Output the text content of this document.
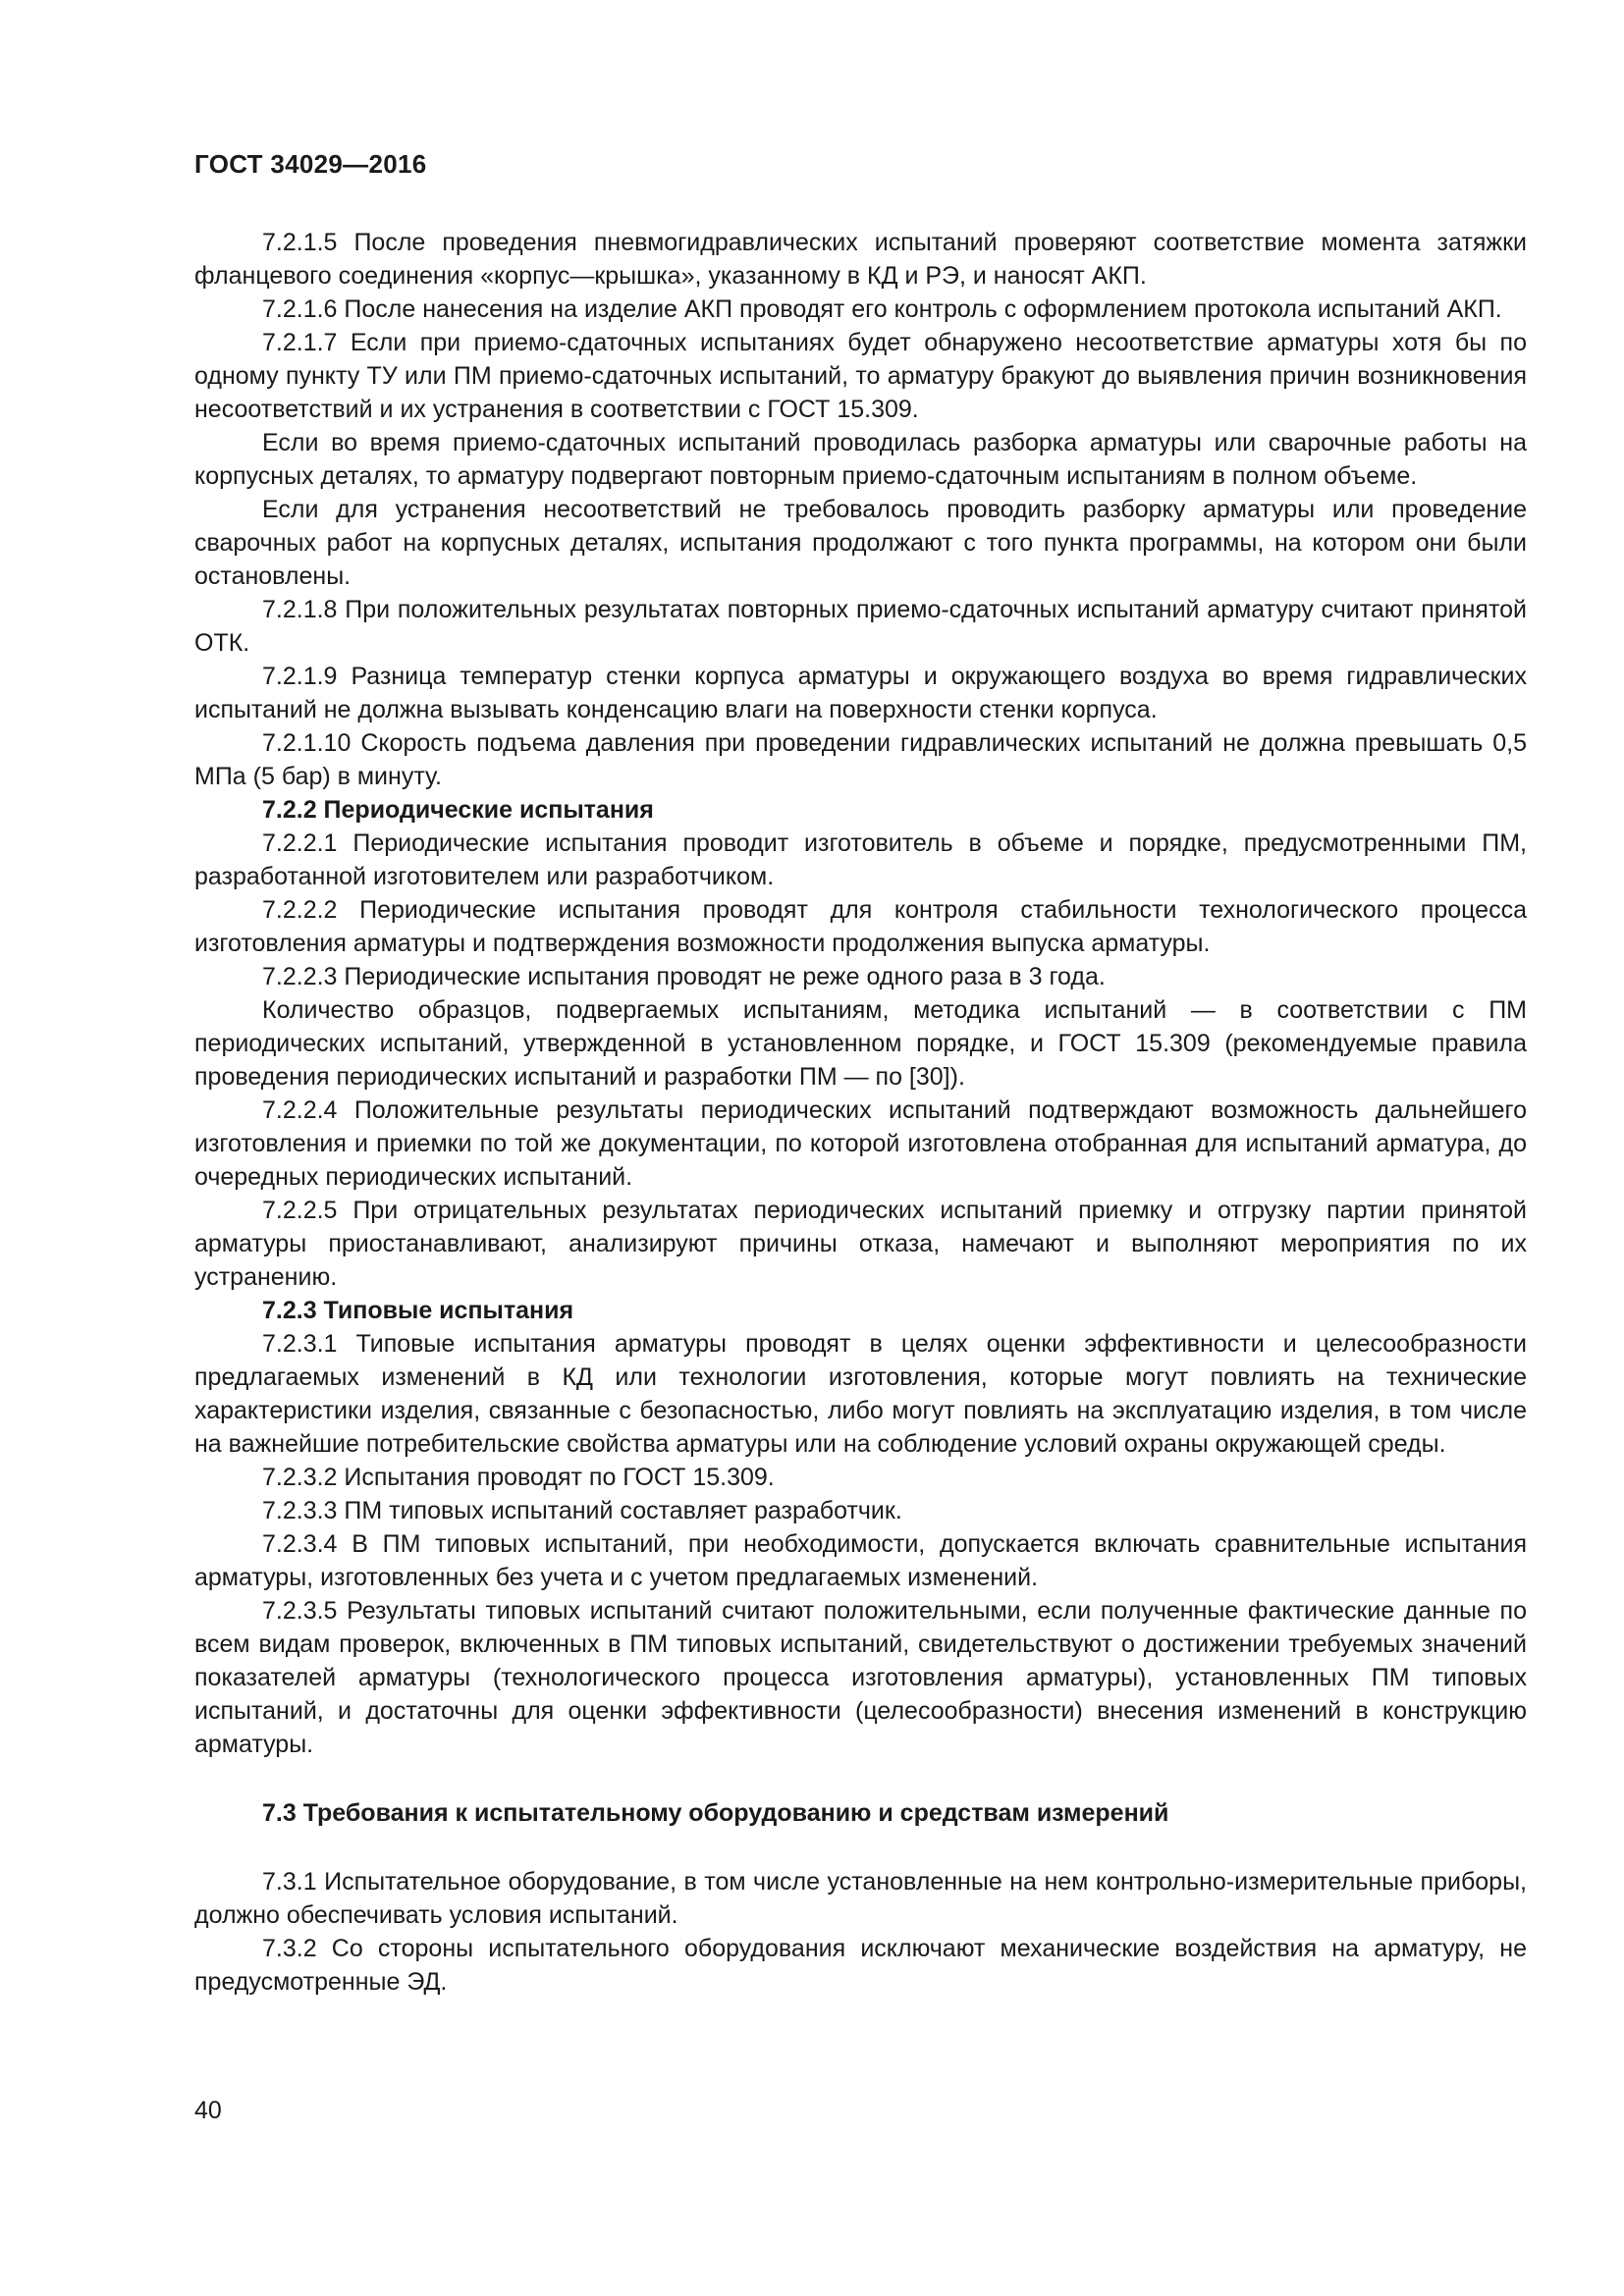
ГОСТ 34029—2016

7.2.1.5 После проведения пневмогидравлических испытаний проверяют соответствие момента затяжки фланцевого соединения «корпус—крышка», указанному в КД и РЭ, и наносят АКП.

7.2.1.6 После нанесения на изделие АКП проводят его контроль с оформлением протокола испытаний АКП.

7.2.1.7 Если при приемо-сдаточных испытаниях будет обнаружено несоответствие арматуры хотя бы по одному пункту ТУ или ПМ приемо-сдаточных испытаний, то арматуру бракуют до выявления причин возникновения несоответствий и их устранения в соответствии с ГОСТ 15.309.

Если во время приемо-сдаточных испытаний проводилась разборка арматуры или сварочные работы на корпусных деталях, то арматуру подвергают повторным приемо-сдаточным испытаниям в полном объеме.

Если для устранения несоответствий не требовалось проводить разборку арматуры или проведение сварочных работ на корпусных деталях, испытания продолжают с того пункта программы, на котором они были остановлены.

7.2.1.8 При положительных результатах повторных приемо-сдаточных испытаний арматуру считают принятой ОТК.

7.2.1.9 Разница температур стенки корпуса арматуры и окружающего воздуха во время гидравлических испытаний не должна вызывать конденсацию влаги на поверхности стенки корпуса.

7.2.1.10 Скорость подъема давления при проведении гидравлических испытаний не должна превышать 0,5 МПа (5 бар) в минуту.

7.2.2 Периодические испытания

7.2.2.1 Периодические испытания проводит изготовитель в объеме и порядке, предусмотренными ПМ, разработанной изготовителем или разработчиком.

7.2.2.2 Периодические испытания проводят для контроля стабильности технологического процесса изготовления арматуры и подтверждения возможности продолжения выпуска арматуры.

7.2.2.3 Периодические испытания проводят не реже одного раза в 3 года.

Количество образцов, подвергаемых испытаниям, методика испытаний — в соответствии с ПМ периодических испытаний, утвержденной в установленном порядке, и ГОСТ 15.309 (рекомендуемые правила проведения периодических испытаний и разработки ПМ — по [30]).

7.2.2.4 Положительные результаты периодических испытаний подтверждают возможность дальнейшего изготовления и приемки по той же документации, по которой изготовлена отобранная для испытаний арматура, до очередных периодических испытаний.

7.2.2.5 При отрицательных результатах периодических испытаний приемку и отгрузку партии принятой арматуры приостанавливают, анализируют причины отказа, намечают и выполняют мероприятия по их устранению.

7.2.3 Типовые испытания

7.2.3.1 Типовые испытания арматуры проводят в целях оценки эффективности и целесообразности предлагаемых изменений в КД или технологии изготовления, которые могут повлиять на технические характеристики изделия, связанные с безопасностью, либо могут повлиять на эксплуатацию изделия, в том числе на важнейшие потребительские свойства арматуры или на соблюдение условий охраны окружающей среды.

7.2.3.2 Испытания проводят по ГОСТ 15.309.

7.2.3.3 ПМ типовых испытаний составляет разработчик.

7.2.3.4 В ПМ типовых испытаний, при необходимости, допускается включать сравнительные испытания арматуры, изготовленных без учета и с учетом предлагаемых изменений.

7.2.3.5 Результаты типовых испытаний считают положительными, если полученные фактические данные по всем видам проверок, включенных в ПМ типовых испытаний, свидетельствуют о достижении требуемых значений показателей арматуры (технологического процесса изготовления арматуры), установленных ПМ типовых испытаний, и достаточны для оценки эффективности (целесообразности) внесения изменений в конструкцию арматуры.

7.3 Требования к испытательному оборудованию и средствам измерений

7.3.1 Испытательное оборудование, в том числе установленные на нем контрольно-измерительные приборы, должно обеспечивать условия испытаний.

7.3.2 Со стороны испытательного оборудования исключают механические воздействия на арматуру, не предусмотренные ЭД.

40
